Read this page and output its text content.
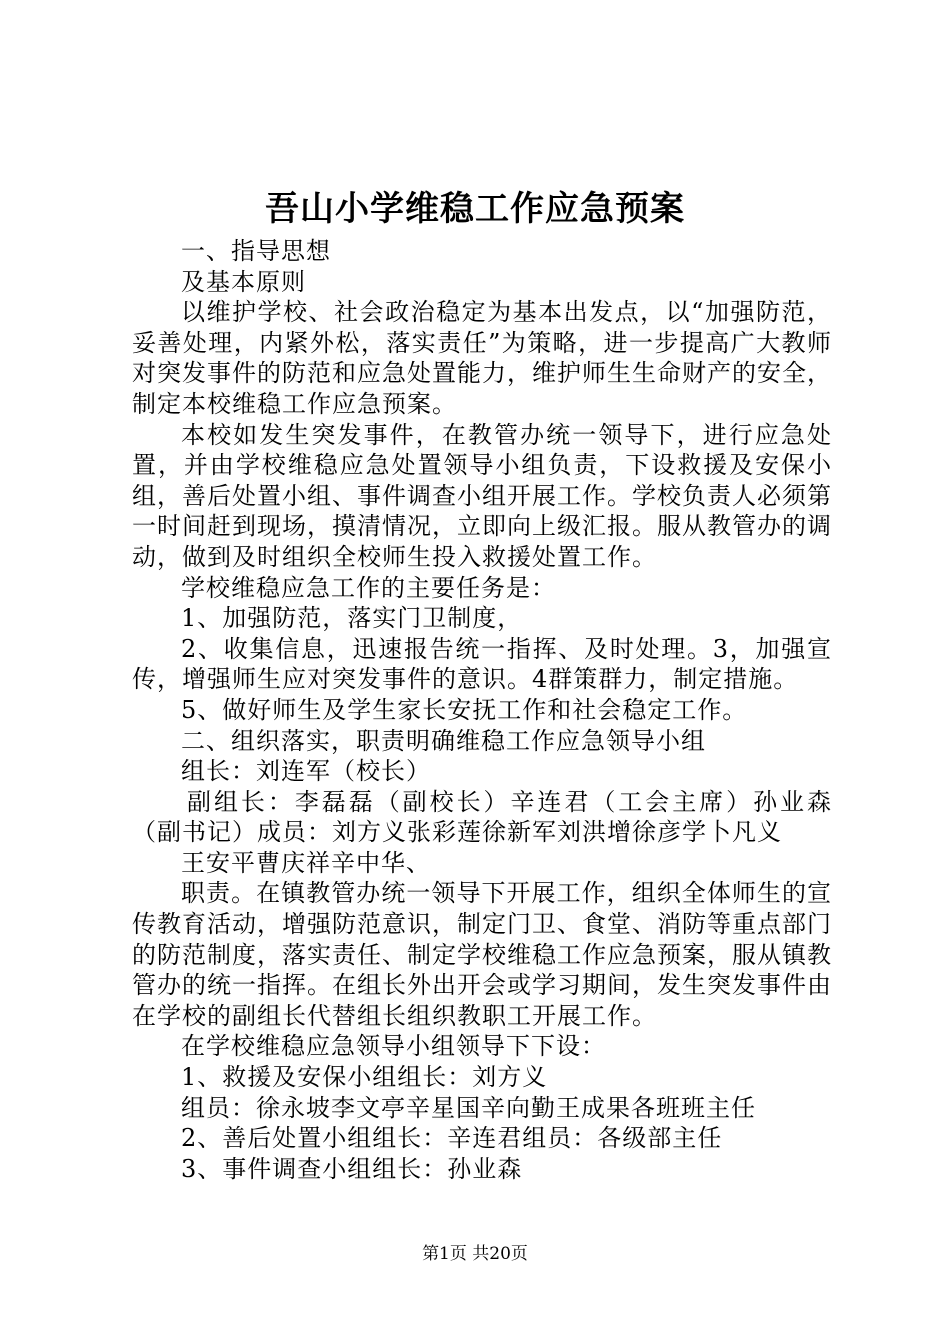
吾山小学维稳工作应急预案

一、指导思想

及基本原则

以维护学校、社会政治稳定为基本出发点，以“加强防范，妥善处理，内紧外松，落实责任”为策略，进一步提高广大教师对突发事件的防范和应急处置能力，维护师生生命财产的安全，制定本校维稳工作应急预案。

本校如发生突发事件，在教管办统一领导下，进行应急处置，并由学校维稳应急处置领导小组负责，下设救援及安保小组，善后处置小组、事件调查小组开展工作。学校负责人必须第一时间赶到现场，摸清情况，立即向上级汇报。服从教管办的调动，做到及时组织全校师生投入救援处置工作。

学校维稳应急工作的主要任务是：

1、加强防范，落实门卫制度，

2、收集信息，迅速报告统一指挥、及时处理。3，加强宣传，增强师生应对突发事件的意识。4群策群力，制定措施。

5、做好师生及学生家长安抚工作和社会稳定工作。

二、组织落实，职责明确维稳工作应急领导小组

组长：刘连军（校长）

副组长：李磊磊（副校长）辛连君（工会主席）孙业森（副书记）成员：刘方义张彩莲徐新军刘洪增徐彦学卜凡义

王安平曹庆祥辛中华、

职责。在镇教管办统一领导下开展工作，组织全体师生的宣传教育活动，增强防范意识，制定门卫、食堂、消防等重点部门的防范制度，落实责任、制定学校维稳工作应急预案，服从镇教管办的统一指挥。在组长外出开会或学习期间，发生突发事件由在学校的副组长代替组长组织教职工开展工作。

在学校维稳应急领导小组领导下下设：

1、救援及安保小组组长：刘方义

组员：徐永坡李文亭辛星国辛向勤王成果各班班主任

2、善后处置小组组长：辛连君组员：各级部主任

3、事件调查小组组长：孙业森

第1页 共20页
